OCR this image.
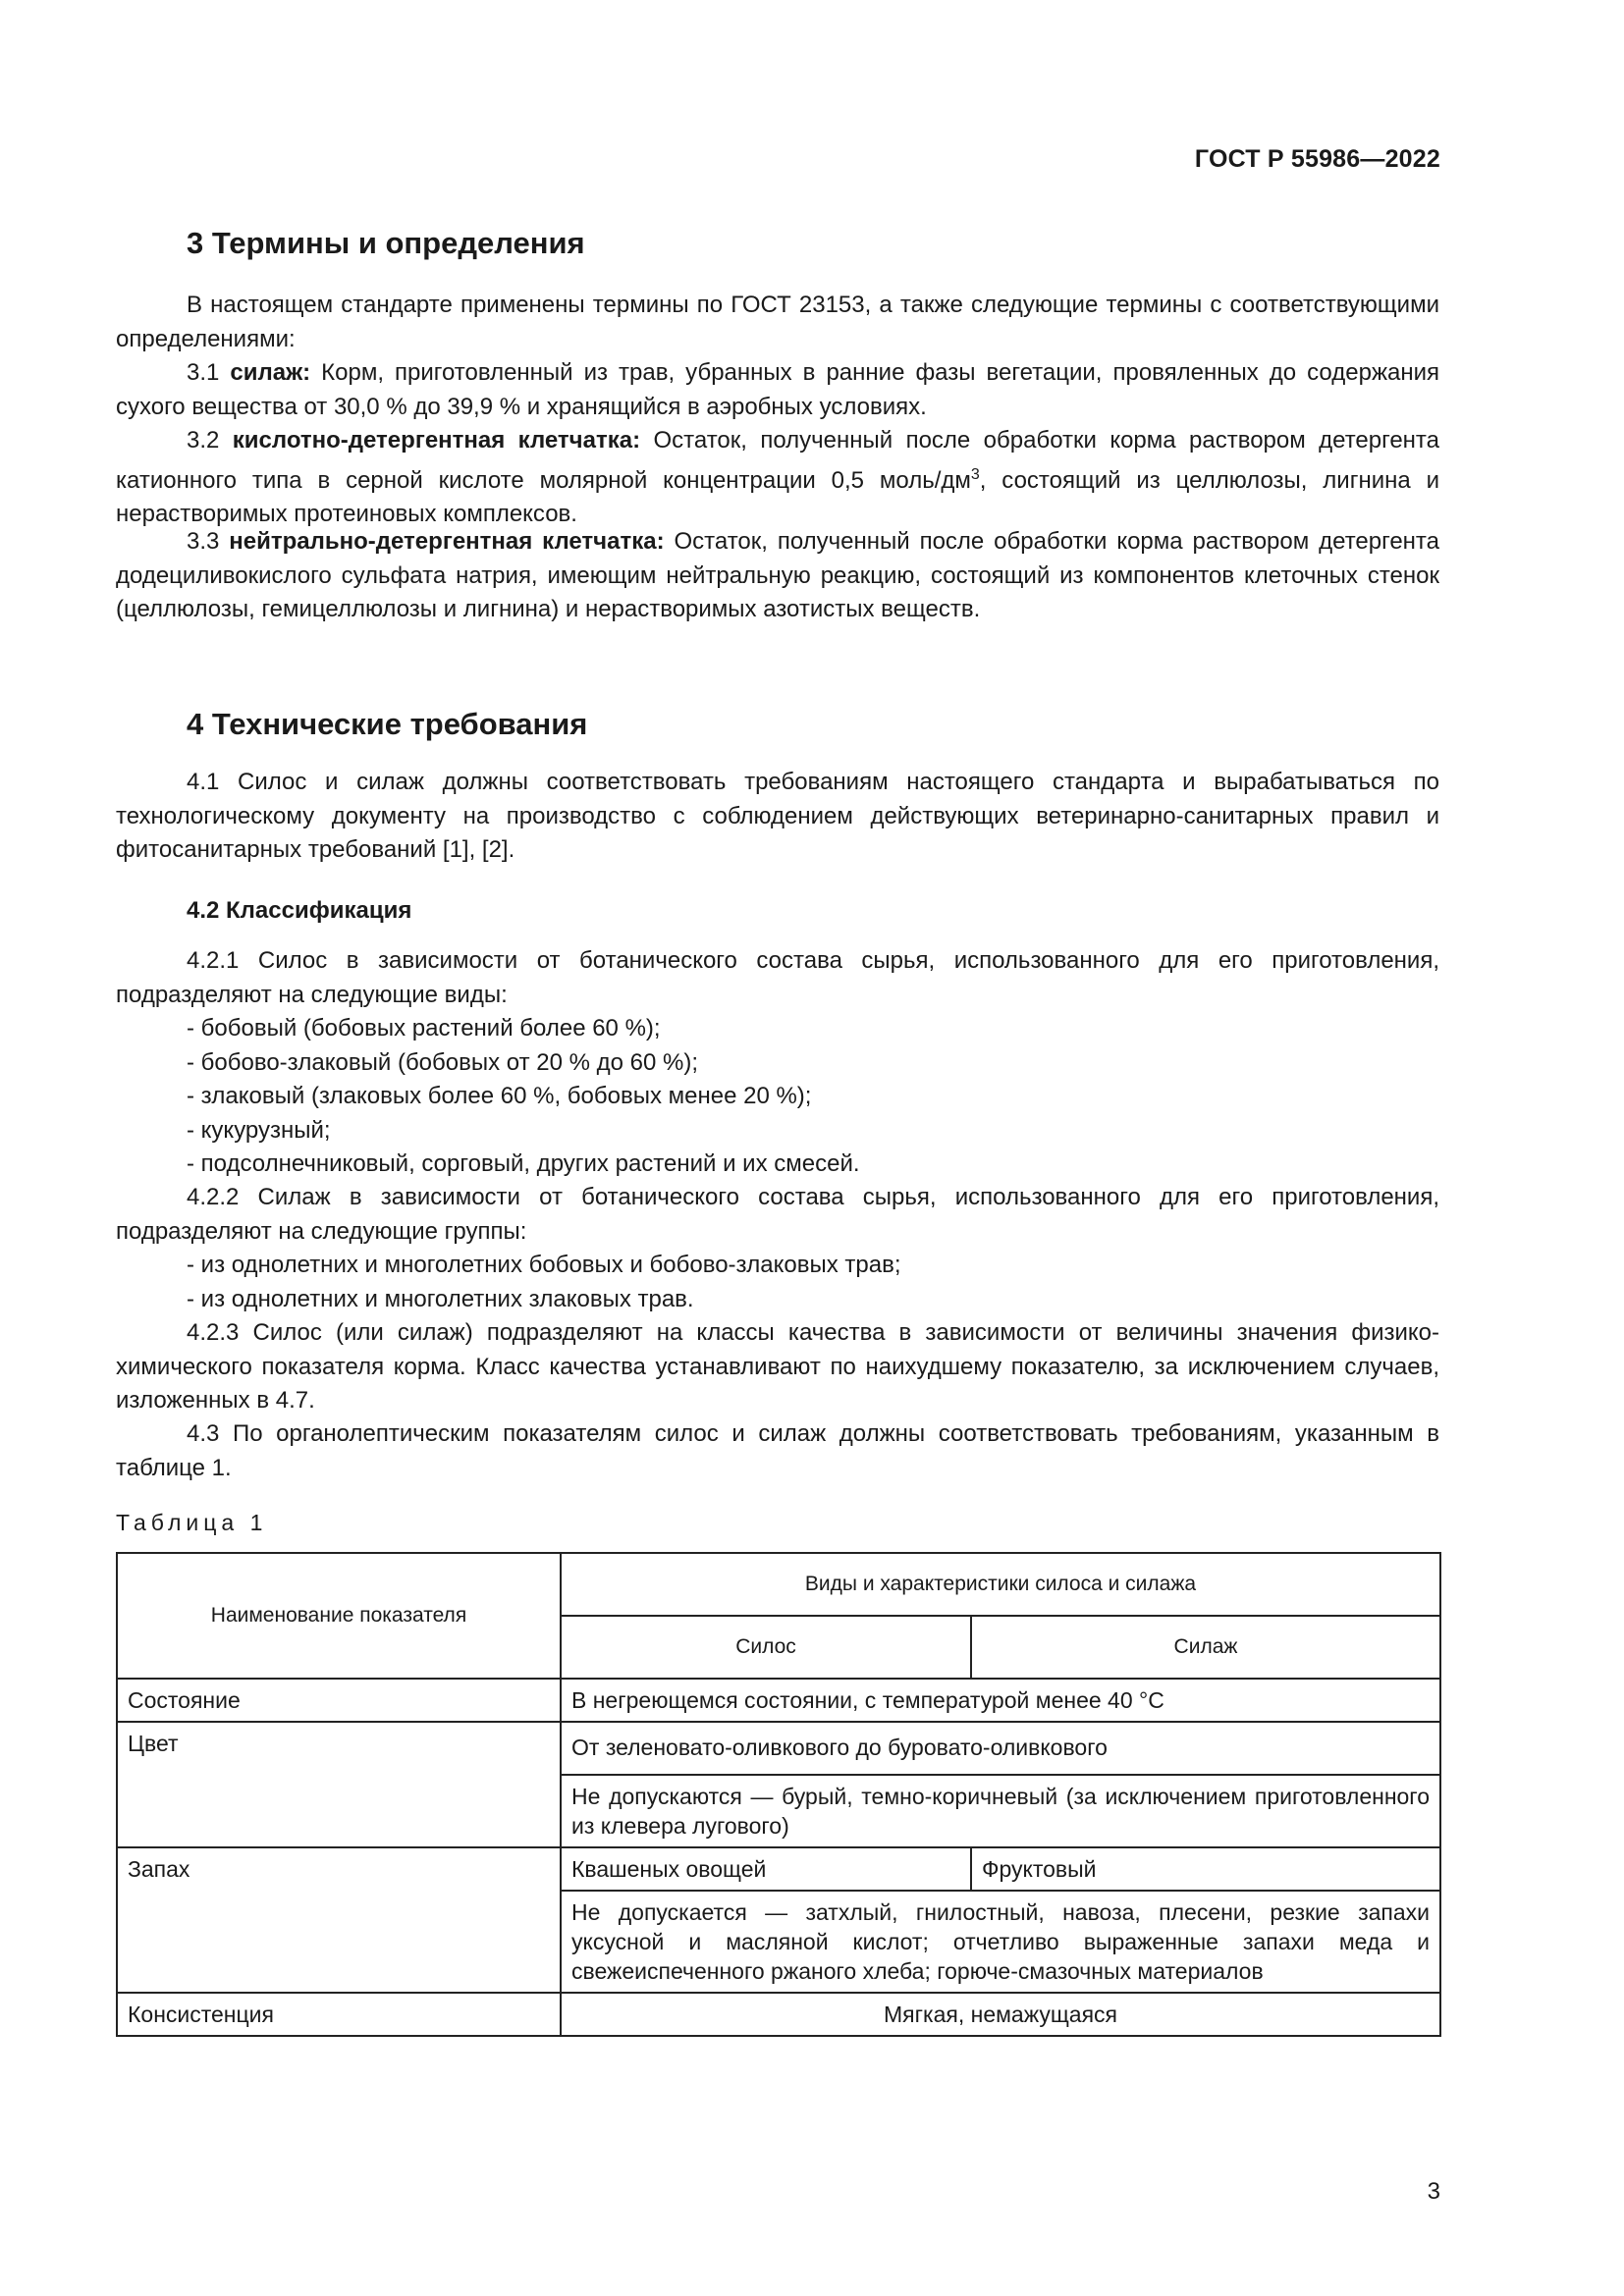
ГОСТ Р 55986—2022
3 Термины и определения

В настоящем стандарте применены термины по ГОСТ 23153, а также следующие термины с соответствующими определениями:

3.1 силаж: Корм, приготовленный из трав, убранных в ранние фазы вегетации, провяленных до содержания сухого вещества от 30,0 % до 39,9 % и хранящийся в аэробных условиях.

3.2 кислотно-детергентная клетчатка: Остаток, полученный после обработки корма раствором детергента катионного типа в серной кислоте молярной концентрации 0,5 моль/$дм^3$, состоящий из целлюлозы, лигнина и нерастворимых протеиновых комплексов.

3.3 нейтрально-детергентная клетчатка: Остаток, полученный после обработки корма раствором детергента додециливокислого сульфата натрия, имеющим нейтральную реакцию, состоящий из компонентов клеточных стенок (целлюлозы, гемицеллюлозы и лигнина) и нерастворимых азотистых веществ.

4 Технические требования

4.1 Силос и силаж должны соответствовать требованиям настоящего стандарта и вырабатываться по технологическому документу на производство с соблюдением действующих ветеринарно-санитарных правил и фитосанитарных требований [1], [2].

4.2 Классификация

4.2.1 Силос в зависимости от ботанического состава сырья, использованного для его приготовления, подразделяют на следующие виды:

- бобовый (бобовых растений более 60 %);
- бобово-злаковый (бобовых от 20 % до 60 %);
- злаковый (злаковых более 60 %, бобовых менее 20 %);
- кукурузный;
- подсолнечниковый, сорговый, других растений и их смесей.

4.2.2 Силаж в зависимости от ботанического состава сырья, использованного для его приготовления, подразделяют на следующие группы:

- из однолетних и многолетних бобовых и бобово-злаковых трав;
- из однолетних и многолетних злаковых трав.

4.2.3 Силос (или силаж) подразделяют на классы качества в зависимости от величины значения физико-химического показателя корма. Класс качества устанавливают по наихудшему показателю, за исключением случаев, изложенных в 4.7.

4.3 По органолептическим показателям силос и силаж должны соответствовать требованиям, указанным в таблице 1.

Таблица 1
Наименование показателя	Виды и характеристики силоса и силажа	
	Силос	Силаж
Состояние	В негреющемся состоянии, с температурой менее 40 °С	
Цвет	От зеленовато-оливкового до буровато-оливкового	
	Не допускаются — бурый, темно-коричневый (за исключением приготовленного из клевера лугового)	
Запах	Квашеных овощей	Фруктовый
	Не допускается — затхлый, гнилостный, навоза, плесени, резкие запахи уксусной и масляной кислот; отчетливо выраженные запахи меда и свежеиспеченного ржаного хлеба; горюче-смазочных материалов	
Консистенция	Мягкая, немажущаяся	
3
